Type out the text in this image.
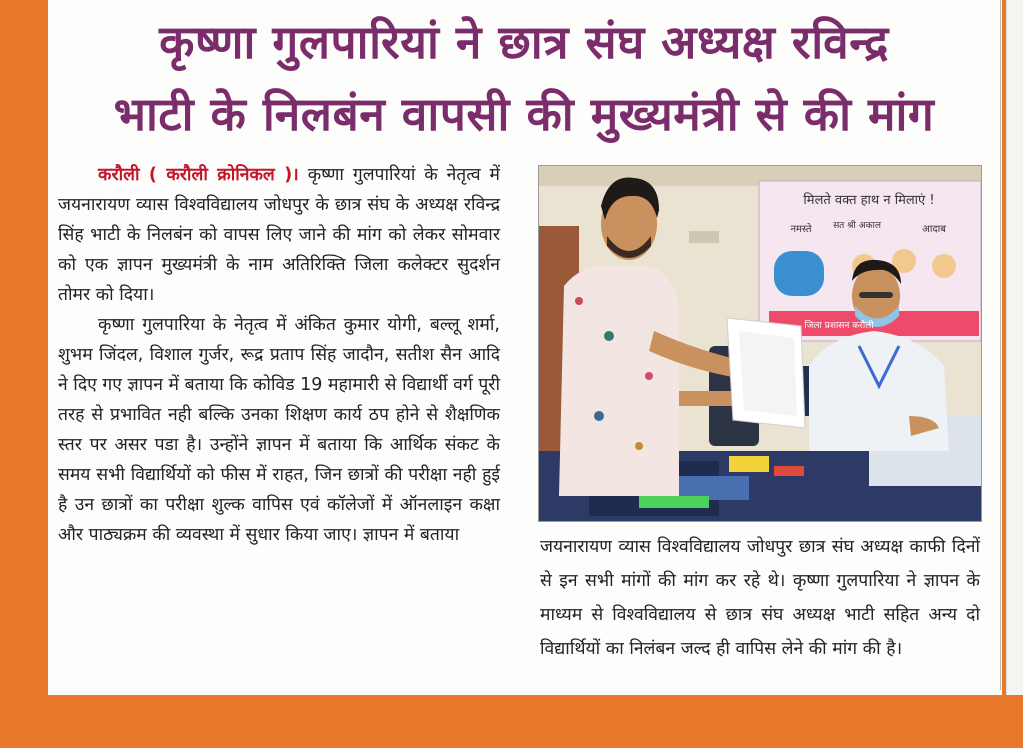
कृष्णा गुलपारियां ने छात्र संघ अध्यक्ष रविन्द्र
भाटी के निलबंन वापसी की मुख्यमंत्री से की मांग

करौली ( करौली क्रोनिकल )। कृष्णा गुलपारियां के नेतृत्व में जयनारायण व्यास विश्वविद्यालय जोधपुर के छात्र संघ के अध्यक्ष रविन्द्र सिंह भाटी के निलबंन को वापस लिए जाने की मांग को लेकर सोमवार को एक ज्ञापन मुख्यमंत्री के नाम अतिरिक्ति जिला कलेक्टर सुदर्शन तोमर को दिया।

कृष्णा गुलपारिया के नेतृत्व में अंकित कुमार योगी, बल्लू शर्मा, शुभम जिंदल, विशाल गुर्जर, रूद्र प्रताप सिंह जादौन, सतीश सैन आदि ने दिए गए ज्ञापन में बताया कि कोविड 19 महामारी से विद्यार्थी वर्ग पूरी तरह से प्रभावित नही बल्कि उनका शिक्षण कार्य ठप होने से शैक्षणिक स्तर पर असर पडा है। उन्होंने ज्ञापन में बताया कि आर्थिक संकट के समय सभी विद्यार्थियों को फीस में राहत, जिन छात्रों की परीक्षा नही हुई है उन छात्रों का परीक्षा शुल्क वापिस एवं कॉलेजों में ऑनलाइन कक्षा और पाठ्यक्रम की व्यवस्था में सुधार किया जाए। ज्ञापन में बताया

मिलते वक्त हाथ न मिलाएं !
नमस्ते सत श्री अकाल	आदाब
जिला प्रशासन करौली

जयनारायण व्यास विश्वविद्यालय जोधपुर छात्र संघ अध्यक्ष काफी दिनों से इन सभी मांगों की मांग कर रहे थे। कृष्णा गुलपारिया ने ज्ञापन के माध्यम से विश्वविद्यालय से छात्र संघ अध्यक्ष भाटी सहित अन्य दो विद्यार्थियों का निलंबन जल्द ही वापिस लेने की मांग की है।
